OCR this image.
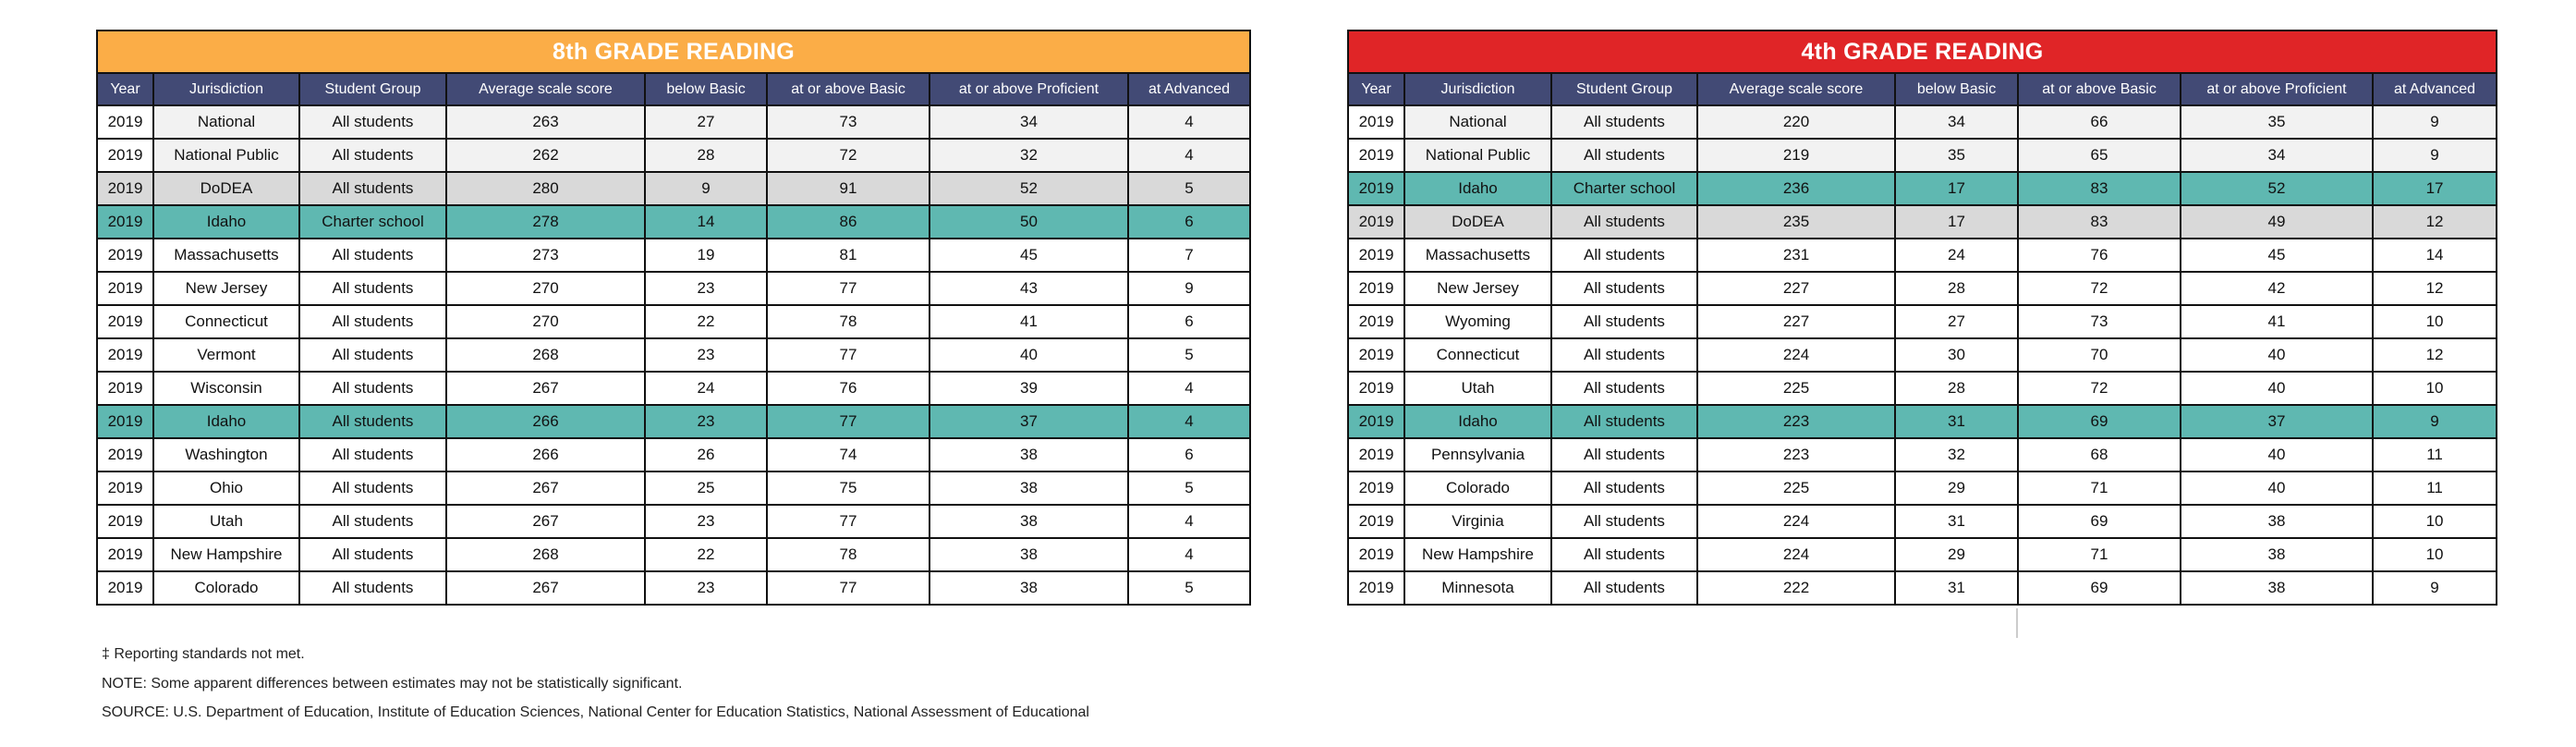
8th GRADE READING							
Year	Jurisdiction	Student Group	Average scale score	below Basic	at or above Basic	at or above Proficient	at Advanced
2019	National	All students	263	27	73	34	4
2019	National Public	All students	262	28	72	32	4
2019	DoDEA	All students	280	9	91	52	5
2019	Idaho	Charter school	278	14	86	50	6
2019	Massachusetts	All students	273	19	81	45	7
2019	New Jersey	All students	270	23	77	43	9
2019	Connecticut	All students	270	22	78	41	6
2019	Vermont	All students	268	23	77	40	5
2019	Wisconsin	All students	267	24	76	39	4
2019	Idaho	All students	266	23	77	37	4
2019	Washington	All students	266	26	74	38	6
2019	Ohio	All students	267	25	75	38	5
2019	Utah	All students	267	23	77	38	4
2019	New Hampshire	All students	268	22	78	38	4
2019	Colorado	All students	267	23	77	38	5
4th GRADE READING							
Year	Jurisdiction	Student Group	Average scale score	below Basic	at or above Basic	at or above Proficient	at Advanced
2019	National	All students	220	34	66	35	9
2019	National Public	All students	219	35	65	34	9
2019	Idaho	Charter school	236	17	83	52	17
2019	DoDEA	All students	235	17	83	49	12
2019	Massachusetts	All students	231	24	76	45	14
2019	New Jersey	All students	227	28	72	42	12
2019	Wyoming	All students	227	27	73	41	10
2019	Connecticut	All students	224	30	70	40	12
2019	Utah	All students	225	28	72	40	10
2019	Idaho	All students	223	31	69	37	9
2019	Pennsylvania	All students	223	32	68	40	11
2019	Colorado	All students	225	29	71	40	11
2019	Virginia	All students	224	31	69	38	10
2019	New Hampshire	All students	224	29	71	38	10
2019	Minnesota	All students	222	31	69	38	9
‡ Reporting standards not met.
NOTE: Some apparent differences between estimates may not be statistically significant.
SOURCE: U.S. Department of Education, Institute of Education Sciences, National Center for Education Statistics, National Assessment of Educational
